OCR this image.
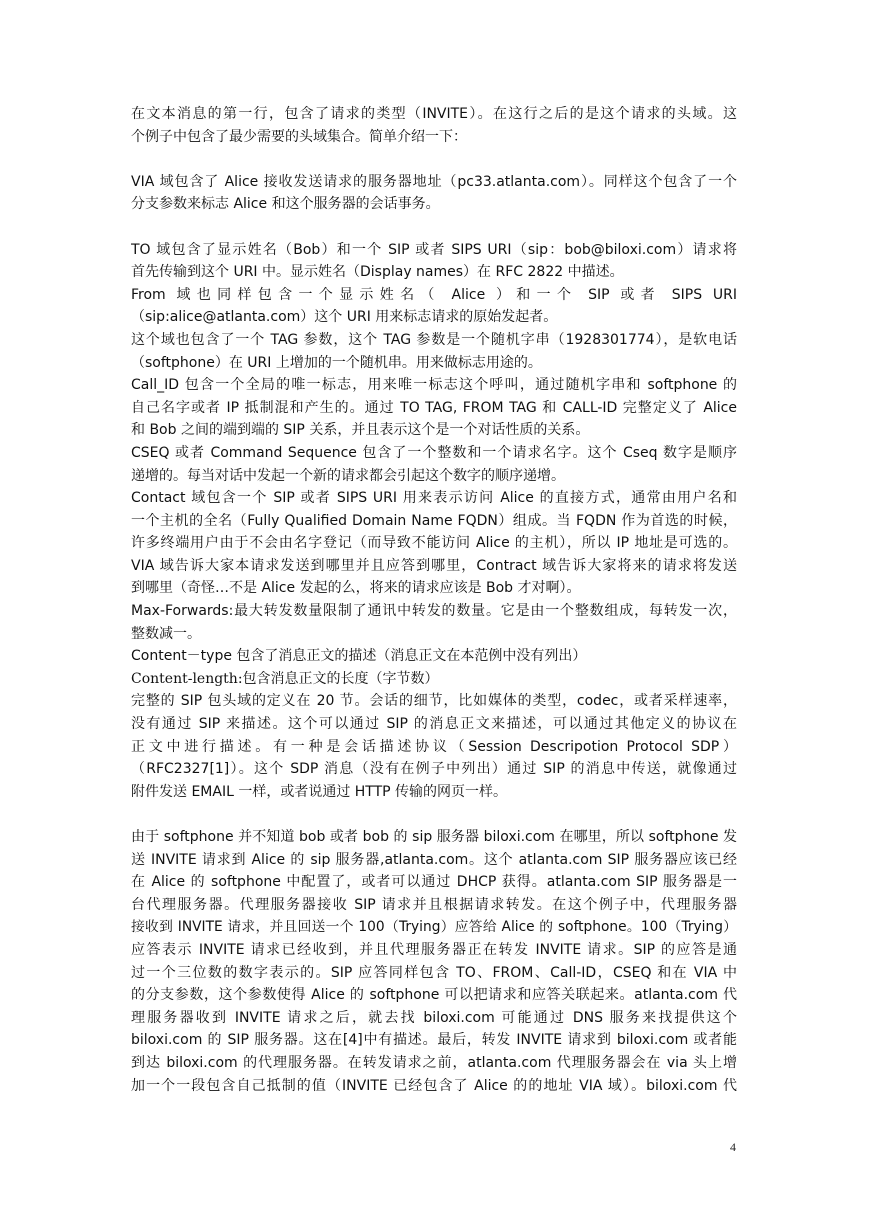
在文本消息的第一行，包含了请求的类型（INVITE）。在这行之后的是这个请求的头域。这
个例子中包含了最少需要的头域集合。简单介绍一下：
VIA 域包含了 Alice 接收发送请求的服务器地址（pc33.atlanta.com）。同样这个包含了一个
分支参数来标志 Alice 和这个服务器的会话事务。
TO 域包含了显示姓名（Bob）和一个 SIP 或者 SIPS URI（sip：bob@biloxi.com）请求将
首先传输到这个 URI 中。显示姓名（Display names）在 RFC 2822 中描述。
From 域也同样包含一个显示姓名（ Alice ）和一个 SIP 或者 SIPS URI
（sip:alice@atlanta.com）这个 URI 用来标志请求的原始发起者。
这个域也包含了一个 TAG 参数，这个 TAG 参数是一个随机字串（1928301774），是软电话
（softphone）在 URI 上增加的一个随机串。用来做标志用途的。
Call_ID 包含一个全局的唯一标志，用来唯一标志这个呼叫，通过随机字串和 softphone 的
自己名字或者 IP 抵制混和产生的。通过 TO TAG, FROM TAG 和 CALL-ID 完整定义了 Alice
和 Bob 之间的端到端的 SIP 关系，并且表示这个是一个对话性质的关系。
CSEQ 或者 Command Sequence 包含了一个整数和一个请求名字。这个 Cseq 数字是顺序
递增的。每当对话中发起一个新的请求都会引起这个数字的顺序递增。
Contact 域包含一个 SIP 或者 SIPS URI 用来表示访问 Alice 的直接方式，通常由用户名和
一个主机的全名（Fully Qualified Domain Name FQDN）组成。当 FQDN 作为首选的时候，
许多终端用户由于不会由名字登记（而导致不能访问 Alice 的主机），所以 IP 地址是可选的。
VIA 域告诉大家本请求发送到哪里并且应答到哪里，Contract 域告诉大家将来的请求将发送
到哪里（奇怪…不是 Alice 发起的么，将来的请求应该是 Bob 才对啊）。
Max-Forwards:最大转发数量限制了通讯中转发的数量。它是由一个整数组成，每转发一次，
整数减一。
Content－type 包含了消息正文的描述（消息正文在本范例中没有列出）
Content-length:包含消息正文的长度（字节数）
完整的 SIP 包头域的定义在 20 节。会话的细节，比如媒体的类型，codec，或者采样速率，
没有通过 SIP 来描述。这个可以通过 SIP 的消息正文来描述，可以通过其他定义的协议在
正文中进行描述。有一种是会话描述协议（Session Descripotion Protocol SDP）
（RFC2327[1]）。这个 SDP 消息（没有在例子中列出）通过 SIP 的消息中传送，就像通过
附件发送 EMAIL 一样，或者说通过 HTTP 传输的网页一样。
由于 softphone 并不知道 bob 或者 bob 的 sip 服务器 biloxi.com 在哪里，所以 softphone 发
送 INVITE 请求到 Alice 的 sip 服务器,atlanta.com。这个 atlanta.com SIP 服务器应该已经
在 Alice 的 softphone 中配置了，或者可以通过 DHCP 获得。atlanta.com SIP 服务器是一
台代理服务器。代理服务器接收 SIP 请求并且根据请求转发。在这个例子中，代理服务器
接收到 INVITE 请求，并且回送一个 100（Trying）应答给 Alice 的 softphone。100（Trying）
应答表示 INVITE 请求已经收到，并且代理服务器正在转发 INVITE 请求。SIP 的应答是通
过一个三位数的数字表示的。SIP 应答同样包含 TO、FROM、Call-ID，CSEQ 和在 VIA 中
的分支参数，这个参数使得 Alice 的 softphone 可以把请求和应答关联起来。atlanta.com 代
理服务器收到 INVITE 请求之后，就去找 biloxi.com 可能通过 DNS 服务来找提供这个
biloxi.com 的 SIP 服务器。这在[4]中有描述。最后，转发 INVITE 请求到 biloxi.com 或者能
到达 biloxi.com 的代理服务器。在转发请求之前，atlanta.com 代理服务器会在 via 头上增
加一个一段包含自己抵制的值（INVITE 已经包含了 Alice 的的地址 VIA 域）。biloxi.com 代
4
